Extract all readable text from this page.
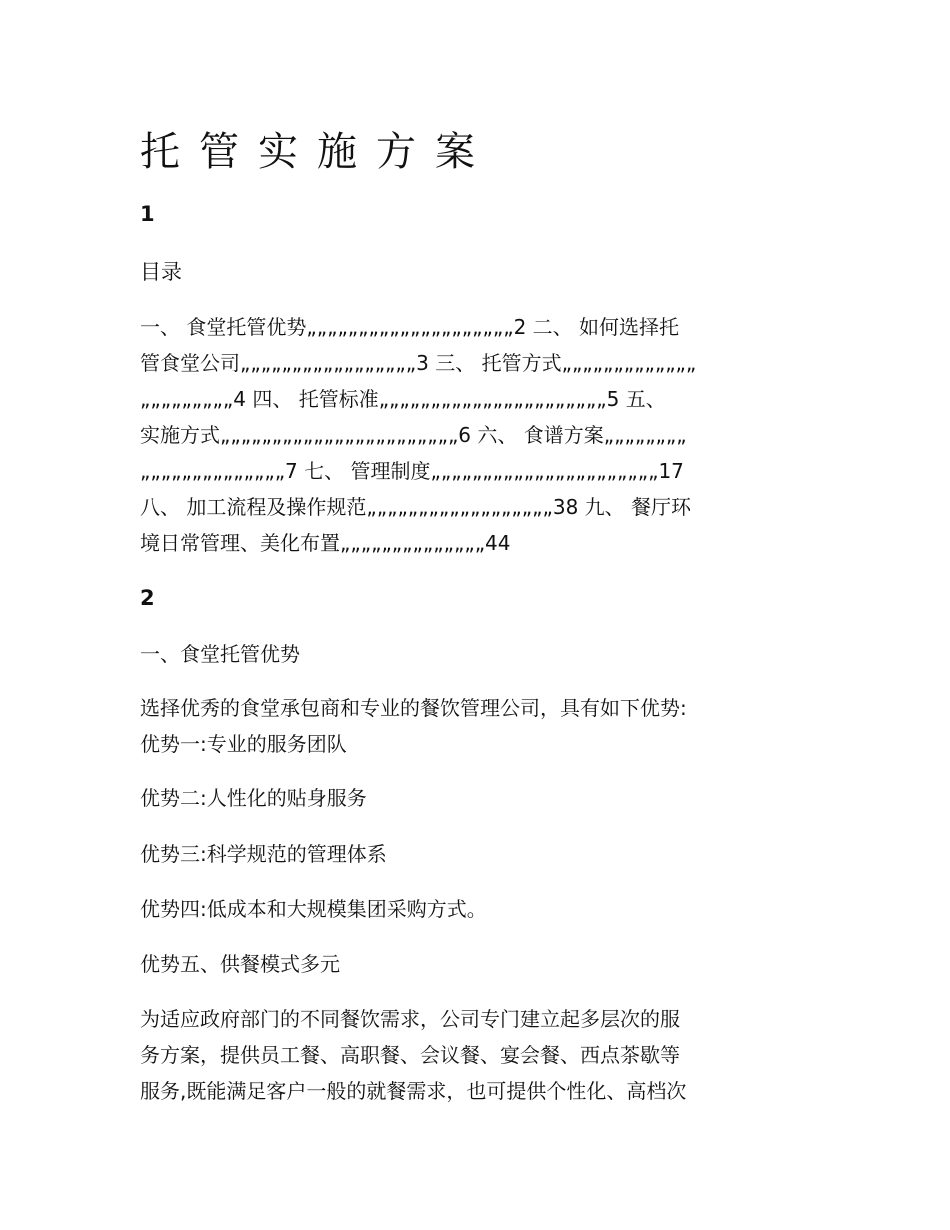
托管实施方案

1

目录

一、 食堂托管优势„„„„„„„„„„„„„„„„„„„„2 二、 如何选择托
管食堂公司„„„„„„„„„„„„„„„„„3 三、 托管方式„„„„„„„„„„„„„
„„„„„„„„„4 四、 托管标准„„„„„„„„„„„„„„„„„„„„„„5 五、
实施方式„„„„„„„„„„„„„„„„„„„„„„„6 六、 食谱方案„„„„„„„„
„„„„„„„„„„„„„„7 七、 管理制度„„„„„„„„„„„„„„„„„„„„„„17
八、 加工流程及操作规范„„„„„„„„„„„„„„„„„„38 九、 餐厅环
境日常管理、美化布置„„„„„„„„„„„„„„44

2

一、食堂托管优势

选择优秀的食堂承包商和专业的餐饮管理公司，具有如下优势:
优势一:专业的服务团队

优势二:人性化的贴身服务

优势三:科学规范的管理体系

优势四:低成本和大规模集团采购方式。

优势五、供餐模式多元

为适应政府部门的不同餐饮需求，公司专门建立起多层次的服
务方案，提供员工餐、高职餐、会议餐、宴会餐、西点茶歇等
服务,既能满足客户一般的就餐需求，也可提供个性化、高档次
